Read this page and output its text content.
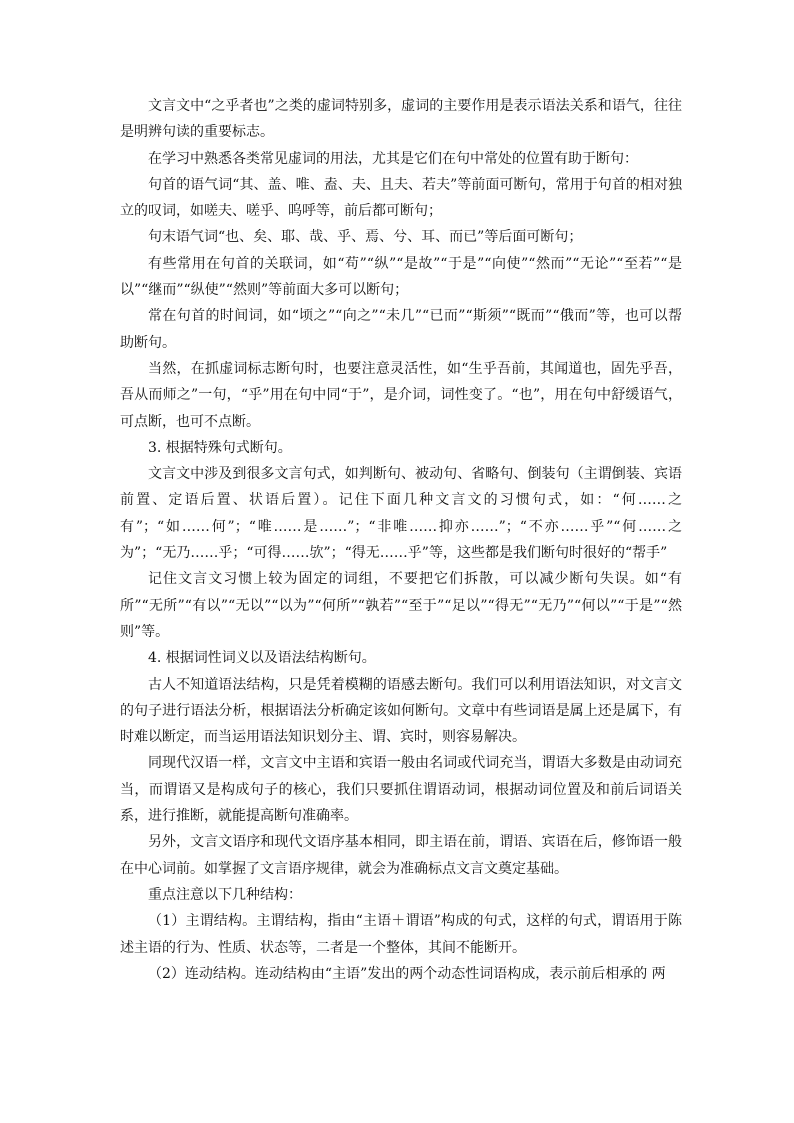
文言文中“之乎者也”之类的虚词特别多，虚词的主要作用是表示语法关系和语气，往往是明辨句读的重要标志。

在学习中熟悉各类常见虚词的用法，尤其是它们在句中常处的位置有助于断句：

句首的语气词“其、盖、唯、盍、夫、且夫、若夫”等前面可断句，常用于句首的相对独立的叹词，如嗟夫、嗟乎、呜呼等，前后都可断句；

句末语气词“也、矣、耶、哉、乎、焉、兮、耳、而已”等后面可断句；

有些常用在句首的关联词，如“苟”“纵”“是故”“于是”“向使”“然而”“无论”“至若”“是以”“继而”“纵使”“然则”等前面大多可以断句；

常在句首的时间词，如“顷之”“向之”“未几”“已而”“斯须”“既而”“俄而”等，也可以帮助断句。

当然，在抓虚词标志断句时，也要注意灵活性，如“生乎吾前，其闻道也，固先乎吾，吾从而师之”一句，“乎”用在句中同“于”，是介词，词性变了。“也”，用在句中舒缓语气，可点断，也可不点断。

3. 根据特殊句式断句。

文言文中涉及到很多文言句式，如判断句、被动句、省略句、倒装句（主谓倒装、宾语前置、定语后置、状语后置）。记住下面几种文言文的习惯句式，如：“何……之有”；“如……何”；“唯……是……”；“非唯……抑亦……”；“不亦……乎”“何……之为”；“无乃……乎；“可得……欤”；“得无……乎”等，这些都是我们断句时很好的“帮手”

记住文言文习惯上较为固定的词组，不要把它们拆散，可以减少断句失误。如“有所”“无所”“有以”“无以”“以为”“何所”“孰若”“至于”“足以”“得无”“无乃”“何以”“于是”“然则”等。

4. 根据词性词义以及语法结构断句。

古人不知道语法结构，只是凭着模糊的语感去断句。我们可以利用语法知识，对文言文的句子进行语法分析，根据语法分析确定该如何断句。文章中有些词语是属上还是属下，有时难以断定，而当运用语法知识划分主、谓、宾时，则容易解决。

同现代汉语一样，文言文中主语和宾语一般由名词或代词充当，谓语大多数是由动词充当，而谓语又是构成句子的核心，我们只要抓住谓语动词，根据动词位置及和前后词语关系，进行推断，就能提高断句准确率。

另外，文言文语序和现代文语序基本相同，即主语在前，谓语、宾语在后，修饰语一般在中心词前。如掌握了文言语序规律，就会为准确标点文言文奠定基础。

重点注意以下几种结构：

（1）主谓结构。主谓结构，指由“主语＋谓语”构成的句式，这样的句式，谓语用于陈述主语的行为、性质、状态等，二者是一个整体，其间不能断开。

（2）连动结构。连动结构由“主语”发出的两个动态性词语构成，表示前后相承的 两
